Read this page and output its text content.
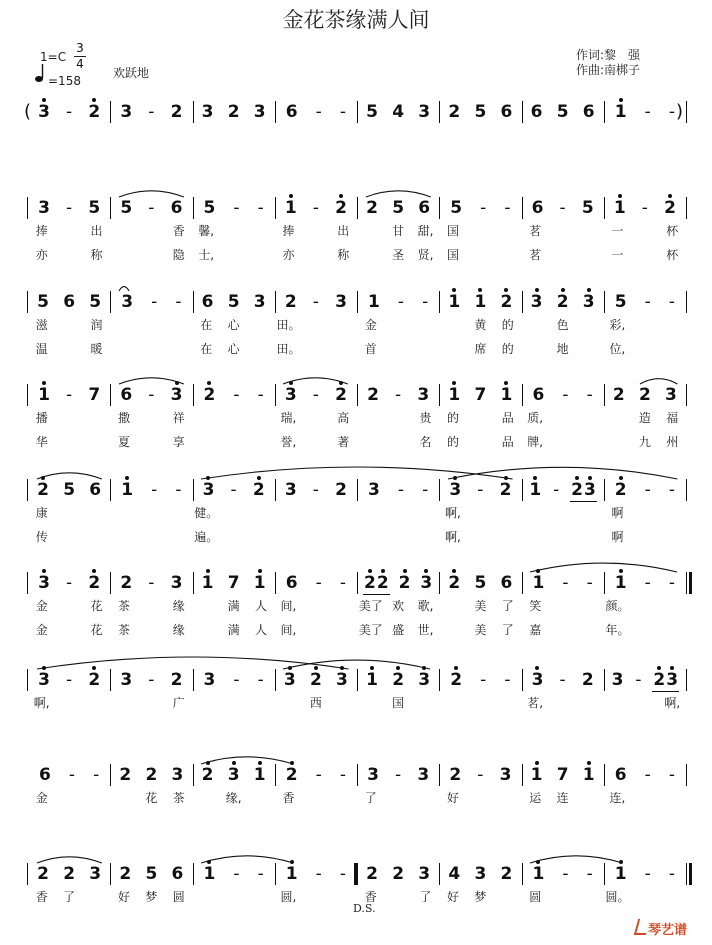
金花茶缘满人间
1=C
3
4
欢跃地
=158
作词:黎　强
作曲:南梆子
3 - 2 3 - 2 3 2 3 6 - - 5 4 3 2 5 6 6 5 6 1 - -
(	)
3 - 5 5 - 6 5 - - 1 - 2 2 5 6 5 - - 6 - 5 1 - 2
捧	出	香	馨,	捧	出	甘	甜,	国	茗	一	杯
亦	称	隐	士,	亦	称	圣	贤,	国	茗	一	杯
5 6 5 3 - - 6 5 3 2 - 3 1 - - 1 1 2 3 2 3 5 - -
滋	润	在	心	田。	金	黄	的	色	彩,
温	暖	在	心	田。	首	席	的	地	位,
1 - 7 6 - 3 2 - - 3 - 2 2 - 3 1 7 1 6 - - 2 2 3
播	撒	祥	瑞,	高	贵	的	品	质,	造	福
华	夏	享	誉,	著	名	的	品	牌,	九	州
2 5 6 1 - - 3 - 2 3 - 2 3 - - 3 - 2 1 - 2 3 2 - -
康	健。	啊,	啊
传	遍。	啊,	啊
3 - 2 2 - 3 1 7 1 6 - - 2 2 2 3 2 5 6 1 - - 1 - -
金	花	茶	缘	满	人	间,	美了 欢	歌,	美	了	笑	颜。
金	花	茶	缘	满	人	间,	美了 盛	世,	美	了	嘉	年。
3 - 2 3 - 2 3 - - 3 2 3 1 2 3 2 - - 3 - 2 3 - 2 3
啊,	广	西	国	茗,	啊,
6 - - 2 2 3 2 3 1 2 - - 3 - 3 2 - 3 1 7 1 6 - -
金	花	茶	缘,	香	了	好	运	连	连,
2 2 3 2 5 6 1 - - 1 - - 2 2 3 4 3 2 1 - - 1 - -
D.S.
香	了	好	梦	圆	圆,	香	了	好	梦	圆	圆。
琴艺谱
